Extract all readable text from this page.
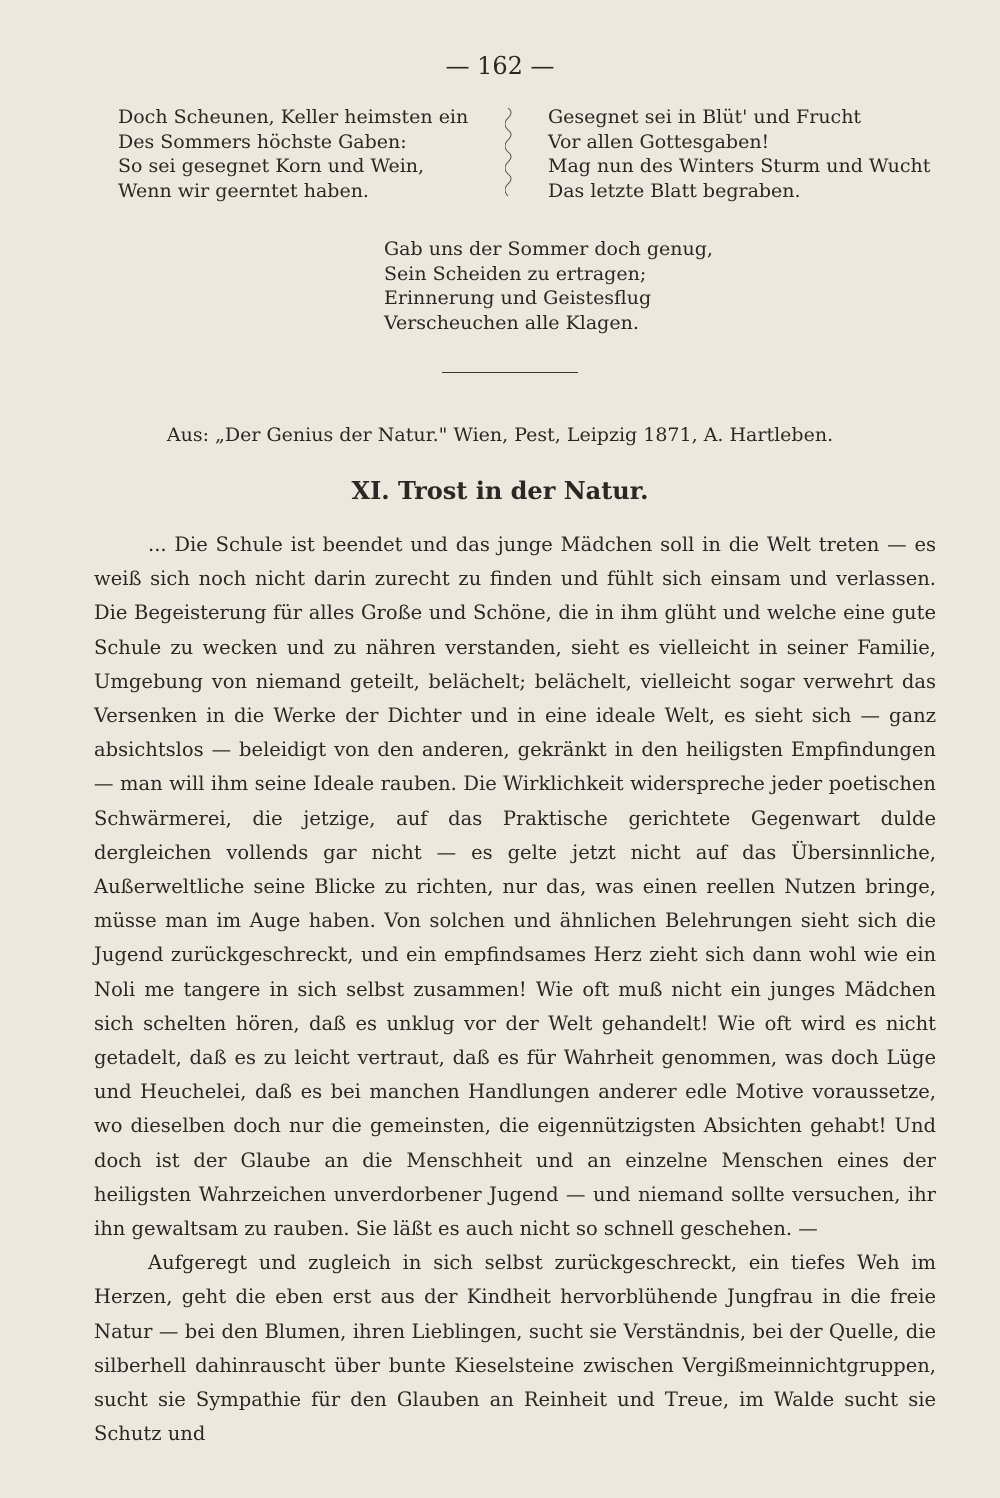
— 162 —
Doch Scheunen, Keller heimsten ein
Des Sommers höchste Gaben:
So sei gesegnet Korn und Wein,
Wenn wir geerntet haben.
Gesegnet sei in Blüt' und Frucht
Vor allen Gottesgaben!
Mag nun des Winters Sturm und Wucht
Das letzte Blatt begraben.
Gab uns der Sommer doch genug,
Sein Scheiden zu ertragen;
Erinnerung und Geistesflug
Verscheuchen alle Klagen.
Aus: „Der Genius der Natur." Wien, Pest, Leipzig 1871, A. Hartleben.
XI. Trost in der Natur.

... Die Schule ist beendet und das junge Mädchen soll in die Welt treten — es weiß sich noch nicht darin zurecht zu finden und fühlt sich einsam und verlassen. Die Begeisterung für alles Große und Schöne, die in ihm glüht und welche eine gute Schule zu wecken und zu nähren verstanden, sieht es vielleicht in seiner Familie, Umgebung von niemand geteilt, belächelt; belächelt, vielleicht sogar verwehrt das Versenken in die Werke der Dichter und in eine ideale Welt, es sieht sich — ganz absichtslos — beleidigt von den anderen, gekränkt in den heiligsten Empfindungen — man will ihm seine Ideale rauben. Die Wirklichkeit widerspreche jeder poetischen Schwärmerei, die jetzige, auf das Praktische gerichtete Gegenwart dulde dergleichen vollends gar nicht — es gelte jetzt nicht auf das Übersinnliche, Außerweltliche seine Blicke zu richten, nur das, was einen reellen Nutzen bringe, müsse man im Auge haben. Von solchen und ähnlichen Belehrungen sieht sich die Jugend zurückgeschreckt, und ein empfindsames Herz zieht sich dann wohl wie ein Noli me tangere in sich selbst zusammen! Wie oft muß nicht ein junges Mädchen sich schelten hören, daß es unklug vor der Welt gehandelt! Wie oft wird es nicht getadelt, daß es zu leicht vertraut, daß es für Wahrheit genommen, was doch Lüge und Heuchelei, daß es bei manchen Handlungen anderer edle Motive voraussetze, wo dieselben doch nur die gemeinsten, die eigennützigsten Absichten gehabt! Und doch ist der Glaube an die Menschheit und an einzelne Menschen eines der heiligsten Wahrzeichen unverdorbener Jugend — und niemand sollte versuchen, ihr ihn gewaltsam zu rauben. Sie läßt es auch nicht so schnell geschehen. —

Aufgeregt und zugleich in sich selbst zurückgeschreckt, ein tiefes Weh im Herzen, geht die eben erst aus der Kindheit hervorblühende Jungfrau in die freie Natur — bei den Blumen, ihren Lieblingen, sucht sie Verständnis, bei der Quelle, die silberhell dahinrauscht über bunte Kieselsteine zwischen Vergißmeinnichtgruppen, sucht sie Sympathie für den Glauben an Reinheit und Treue, im Walde sucht sie Schutz und
